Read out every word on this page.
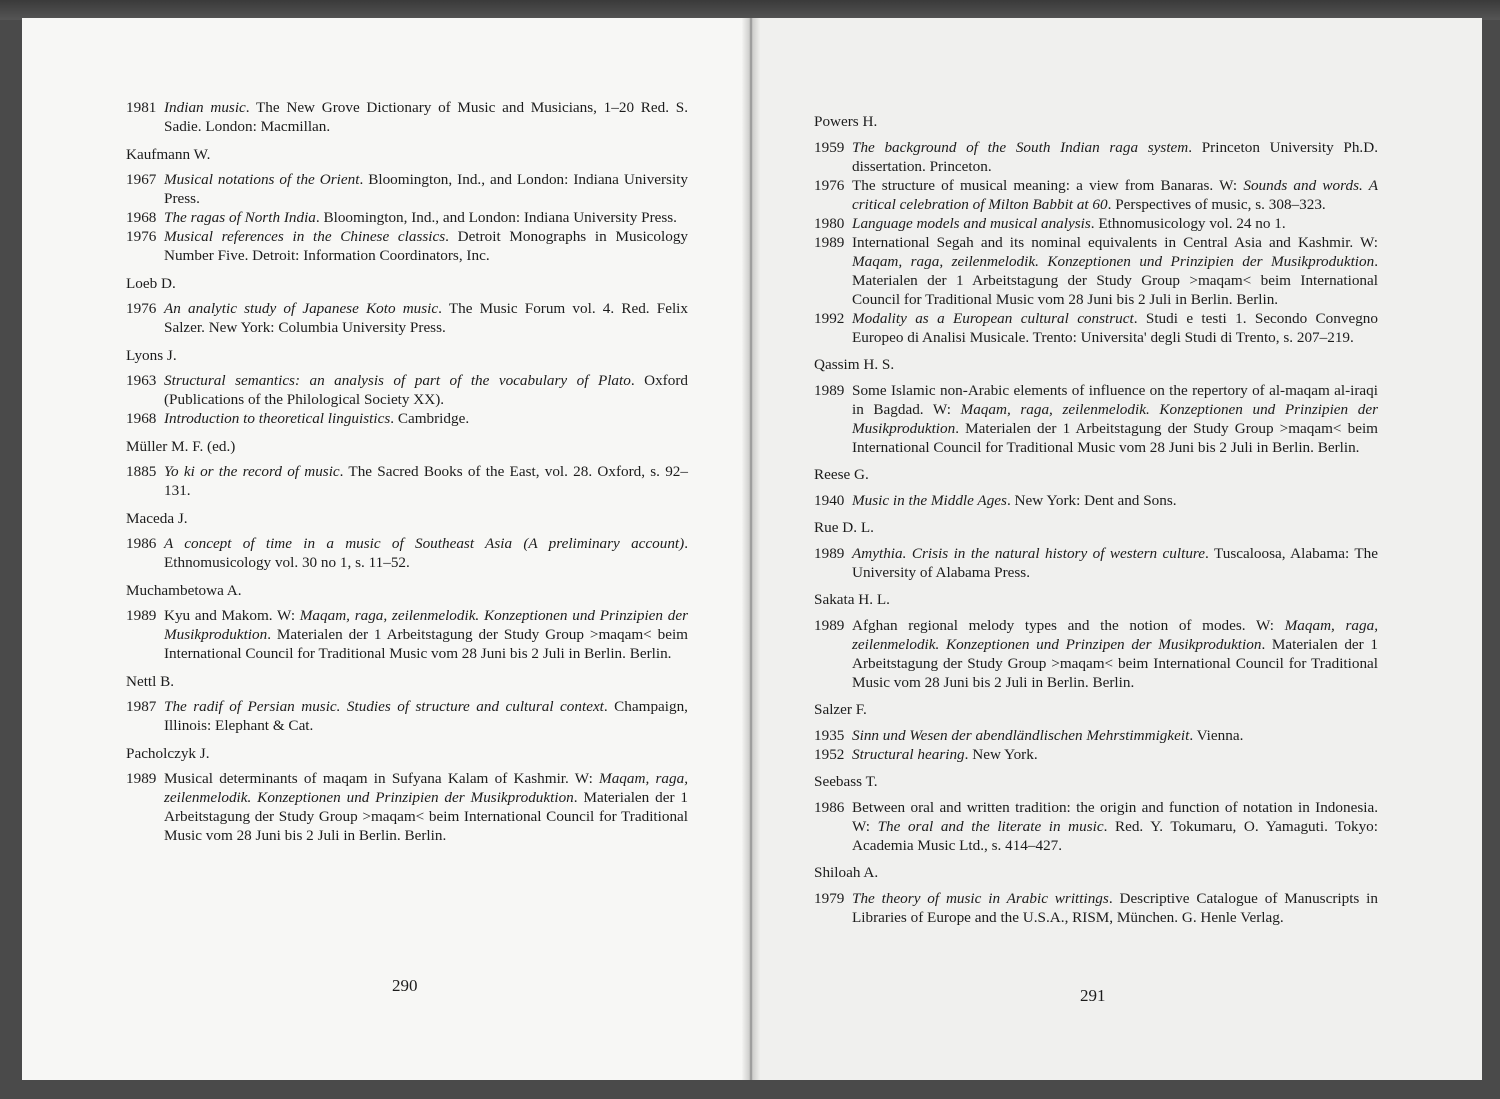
1981 Indian music. The New Grove Dictionary of Music and Musicians, 1–20 Red. S. Sadie. London: Macmillan.
Kaufmann W.
1967 Musical notations of the Orient. Bloomington, Ind., and London: Indiana University Press.
1968 The ragas of North India. Bloomington, Ind., and London: Indiana University Press.
1976 Musical references in the Chinese classics. Detroit Monographs in Musicology Number Five. Detroit: Information Coordinators, Inc.
Loeb D.
1976 An analytic study of Japanese Koto music. The Music Forum vol. 4. Red. Felix Salzer. New York: Columbia University Press.
Lyons J.
1963 Structural semantics: an analysis of part of the vocabulary of Plato. Oxford (Publications of the Philological Society XX).
1968 Introduction to theoretical linguistics. Cambridge.
Müller M. F. (ed.)
1885 Yo ki or the record of music. The Sacred Books of the East, vol. 28. Oxford, s. 92–131.
Maceda J.
1986 A concept of time in a music of Southeast Asia (A preliminary account). Ethnomusicology vol. 30 no 1, s. 11–52.
Muchambetowa A.
1989 Kyu and Makom. W: Maqam, raga, zeilenmelodik. Konzeptionen und Prinzipien der Musikproduktion. Materialen der 1 Arbeitstagung der Study Group >maqam< beim International Council for Traditional Music vom 28 Juni bis 2 Juli in Berlin. Berlin.
Nettl B.
1987 The radif of Persian music. Studies of structure and cultural context. Champaign, Illinois: Elephant & Cat.
Pacholczyk J.
1989 Musical determinants of maqam in Sufyana Kalam of Kashmir. W: Maqam, raga, zeilenmelodik. Konzeptionen und Prinzipien der Musikproduktion. Materialen der 1 Arbeitstagung der Study Group >maqam< beim International Council for Traditional Music vom 28 Juni bis 2 Juli in Berlin. Berlin.
290
Powers H.
1959 The background of the South Indian raga system. Princeton University Ph.D. dissertation. Princeton.
1976 The structure of musical meaning: a view from Banaras. W: Sounds and words. A critical celebration of Milton Babbit at 60. Perspectives of music, s. 308–323.
1980 Language models and musical analysis. Ethnomusicology vol. 24 no 1.
1989 International Segah and its nominal equivalents in Central Asia and Kashmir. W: Maqam, raga, zeilenmelodik. Konzeptionen und Prinzipien der Musikproduktion. Materialen der 1 Arbeitstagung der Study Group >maqam< beim International Council for Traditional Music vom 28 Juni bis 2 Juli in Berlin. Berlin.
1992 Modality as a European cultural construct. Studi e testi 1. Secondo Convegno Europeo di Analisi Musicale. Trento: Universita' degli Studi di Trento, s. 207–219.
Qassim H. S.
1989 Some Islamic non-Arabic elements of influence on the repertory of al-maqam al-iraqi in Bagdad. W: Maqam, raga, zeilenmelodik. Konzeptionen und Prinzipien der Musikproduktion. Materialen der 1 Arbeitstagung der Study Group >maqam< beim International Council for Traditional Music vom 28 Juni bis 2 Juli in Berlin. Berlin.
Reese G.
1940 Music in the Middle Ages. New York: Dent and Sons.
Rue D. L.
1989 Amythia. Crisis in the natural history of western culture. Tuscaloosa, Alabama: The University of Alabama Press.
Sakata H. L.
1989 Afghan regional melody types and the notion of modes. W: Maqam, raga, zeilenmelodik. Konzeptionen und Prinzipen der Musikproduktion. Materialen der 1 Arbeitstagung der Study Group >maqam< beim International Council for Traditional Music vom 28 Juni bis 2 Juli in Berlin. Berlin.
Salzer F.
1935 Sinn und Wesen der abendländlischen Mehrstimmigkeit. Vienna.
1952 Structural hearing. New York.
Seebass T.
1986 Between oral and written tradition: the origin and function of notation in Indonesia. W: The oral and the literate in music. Red. Y. Tokumaru, O. Yamaguti. Tokyo: Academia Music Ltd., s. 414–427.
Shiloah A.
1979 The theory of music in Arabic writtings. Descriptive Catalogue of Manuscripts in Libraries of Europe and the U.S.A., RISM, München. G. Henle Verlag.
291
